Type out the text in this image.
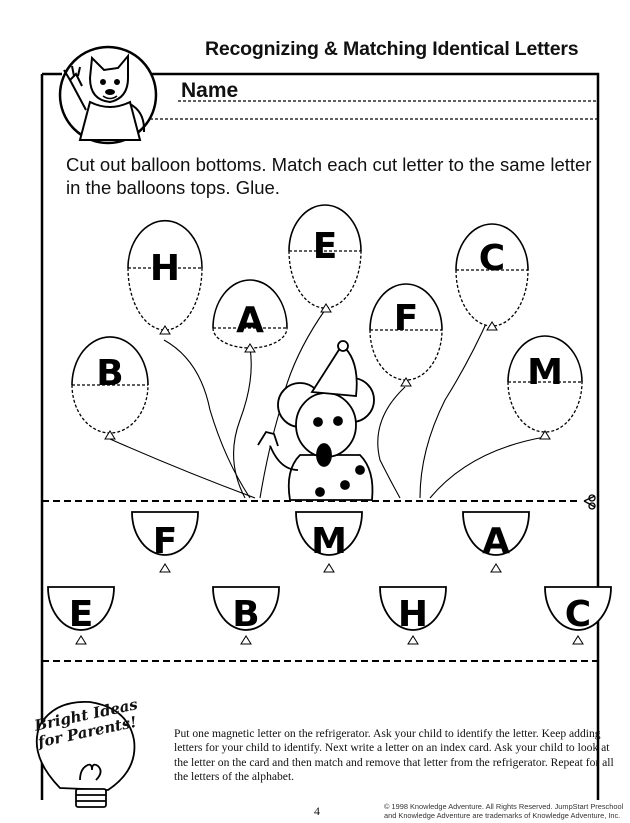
H
E	C
A	F
B	M
F	M	A
E	B	H	C
Recognizing & Matching Identical Letters
Name
Cut out balloon bottoms. Match each cut letter to the same letter in the balloons tops. Glue.
Bright Ideas
for Parents!	Put one magnetic letter on the refrigerator. Ask your child to identify the letter. Keep adding letters for your child to identify. Next write a letter on an index card. Ask your child to look at the letter on the card and then match and remove that letter from the refrigerator. Repeat for all the letters of the alphabet.
4	© 1998 Knowledge Adventure. All Rights Reserved. JumpStart Preschool and Knowledge Adventure are trademarks of Knowledge Adventure, Inc.
